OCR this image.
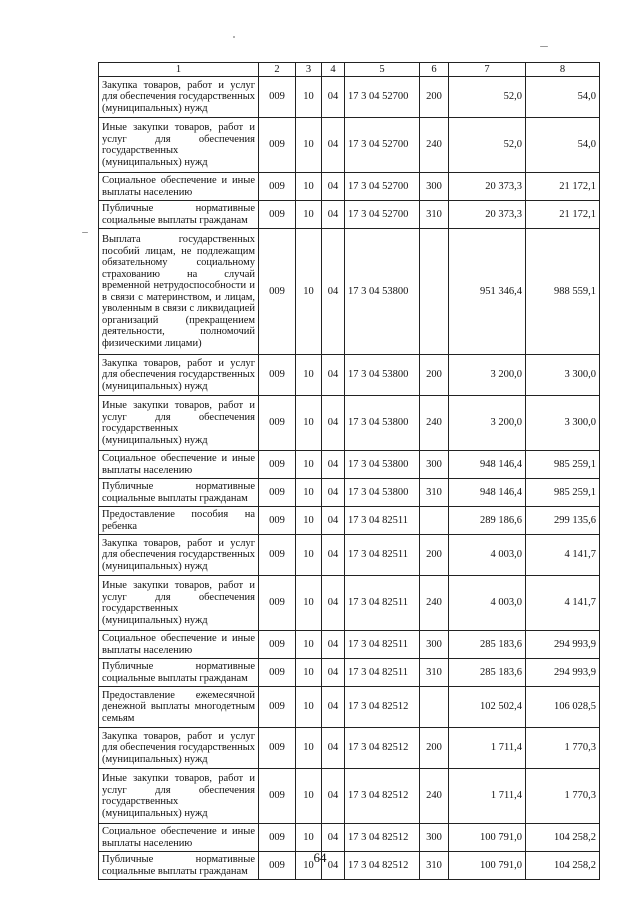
1	2	3	4	5	6	7	8
Закупка товаров, работ и услуг для обеспечения государственных (муниципальных) нужд	009	10	04	17 3 04 52700	200	52,0	54,0
Иные закупки товаров, работ и услуг для обеспечения государственных (муниципальных) нужд	009	10	04	17 3 04 52700	240	52,0	54,0
Социальное обеспечение и иные выплаты населению	009	10	04	17 3 04 52700	300	20 373,3	21 172,1
Публичные нормативные социальные выплаты гражданам	009	10	04	17 3 04 52700	310	20 373,3	21 172,1
Выплата государственных пособий лицам, не подлежащим обязательному социальному страхованию на случай временной нетрудоспособности и в связи с материнством, и лицам, уволенным в связи с ликвидацией организаций (прекращением деятельности, полномочий физическими лицами)	009	10	04	17 3 04 53800		951 346,4	988 559,1
Закупка товаров, работ и услуг для обеспечения государственных (муниципальных) нужд	009	10	04	17 3 04 53800	200	3 200,0	3 300,0
Иные закупки товаров, работ и услуг для обеспечения государственных (муниципальных) нужд	009	10	04	17 3 04 53800	240	3 200,0	3 300,0
Социальное обеспечение и иные выплаты населению	009	10	04	17 3 04 53800	300	948 146,4	985 259,1
Публичные нормативные социальные выплаты гражданам	009	10	04	17 3 04 53800	310	948 146,4	985 259,1
Предоставление пособия на ребенка	009	10	04	17 3 04 82511		289 186,6	299 135,6
Закупка товаров, работ и услуг для обеспечения государственных (муниципальных) нужд	009	10	04	17 3 04 82511	200	4 003,0	4 141,7
Иные закупки товаров, работ и услуг для обеспечения государственных (муниципальных) нужд	009	10	04	17 3 04 82511	240	4 003,0	4 141,7
Социальное обеспечение и иные выплаты населению	009	10	04	17 3 04 82511	300	285 183,6	294 993,9
Публичные нормативные социальные выплаты гражданам	009	10	04	17 3 04 82511	310	285 183,6	294 993,9
Предоставление ежемесячной денежной выплаты многодетным семьям	009	10	04	17 3 04 82512		102 502,4	106 028,5
Закупка товаров, работ и услуг для обеспечения государственных (муниципальных) нужд	009	10	04	17 3 04 82512	200	1 711,4	1 770,3
Иные закупки товаров, работ и услуг для обеспечения государственных (муниципальных) нужд	009	10	04	17 3 04 82512	240	1 711,4	1 770,3
Социальное обеспечение и иные выплаты населению	009	10	04	17 3 04 82512	300	100 791,0	104 258,2
Публичные нормативные социальные выплаты гражданам	009	10	04	17 3 04 82512	310	100 791,0	104 258,2
64
